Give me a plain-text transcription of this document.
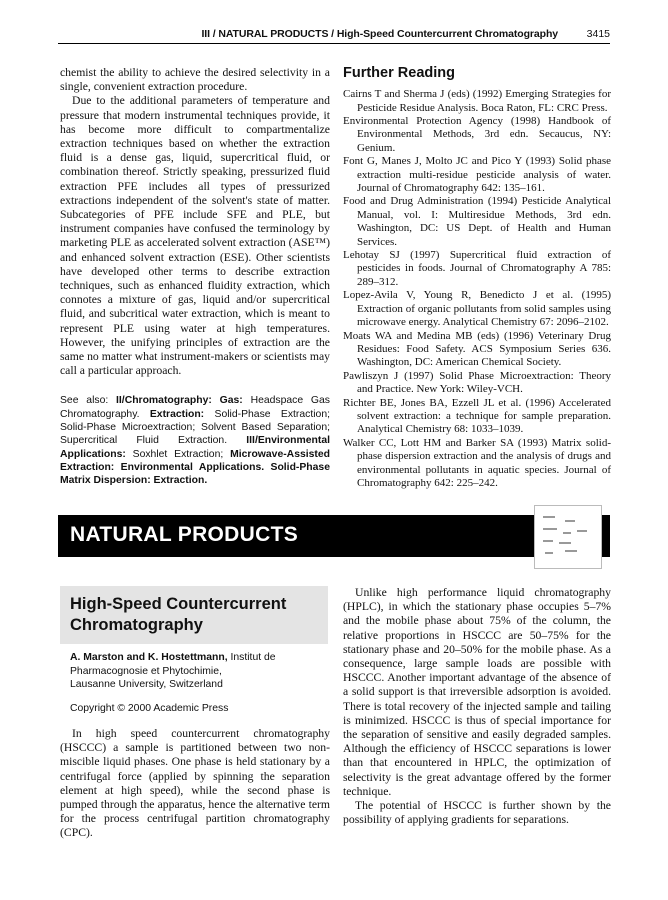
III / NATURAL PRODUCTS / High-Speed Countercurrent Chromatography	3415

chemist the ability to achieve the desired selectivity in a single, convenient extraction procedure.

Due to the additional parameters of temperature and pressure that modern instrumental techniques provide, it has become more difficult to compartmentalize extraction techniques based on whether the extraction fluid is a dense gas, liquid, supercritical fluid, or combination thereof. Strictly speaking, pressurized fluid extraction PFE includes all types of pressurized extractions independent of the solvent's state of matter. Subcategories of PFE include SFE and PLE, but instrument companies have confused the terminology by marketing PLE as accelerated solvent extraction (ASE™) and enhanced solvent extraction (ESE). Other scientists have developed other terms to describe extraction techniques, such as enhanced fluidity extraction, which connotes a mixture of gas, liquid and/or supercritical fluid, and subcritical water extraction, which is meant to represent PLE using water at high temperatures. However, the unifying principles of extraction are the same no matter what instrument-makers or scientists may call a particular approach.

See also: II/Chromatography: Gas: Headspace Gas Chromatography. Extraction: Solid-Phase Extraction; Solid-Phase Microextraction; Solvent Based Separation; Supercritical Fluid Extraction. III/Environmental Applications: Soxhlet Extraction; Microwave-Assisted Extraction: Environmental Applications. Solid-Phase Matrix Dispersion: Extraction.
Further Reading
Cairns T and Sherma J (eds) (1992) Emerging Strategies for Pesticide Residue Analysis. Boca Raton, FL: CRC Press.
Environmental Protection Agency (1998) Handbook of Environmental Methods, 3rd edn. Secaucus, NY: Genium.
Font G, Manes J, Molto JC and Pico Y (1993) Solid phase extraction multi-residue pesticide analysis of water. Journal of Chromatography 642: 135–161.
Food and Drug Administration (1994) Pesticide Analytical Manual, vol. I: Multiresidue Methods, 3rd edn. Washington, DC: US Dept. of Health and Human Services.
Lehotay SJ (1997) Supercritical fluid extraction of pesticides in foods. Journal of Chromatography A 785: 289–312.
Lopez-Avila V, Young R, Benedicto J et al. (1995) Extraction of organic pollutants from solid samples using microwave energy. Analytical Chemistry 67: 2096–2102.
Moats WA and Medina MB (eds) (1996) Veterinary Drug Residues: Food Safety. ACS Symposium Series 636. Washington, DC: American Chemical Society.
Pawliszyn J (1997) Solid Phase Microextraction: Theory and Practice. New York: Wiley-VCH.
Richter BE, Jones BA, Ezzell JL et al. (1996) Accelerated solvent extraction: a technique for sample preparation. Analytical Chemistry 68: 1033–1039.
Walker CC, Lott HM and Barker SA (1993) Matrix solid-phase dispersion extraction and the analysis of drugs and environmental pollutants in aquatic species. Journal of Chromatography 642: 225–242.
NATURAL PRODUCTS
High-Speed Countercurrent Chromatography
A. Marston and K. Hostettmann, Institut de Pharmacognosie et Phytochimie,
Lausanne University, Switzerland
Copyright © 2000 Academic Press

In high speed countercurrent chromatography (HSCCC) a sample is partitioned between two non-miscible liquid phases. One phase is held stationary by a centrifugal force (applied by spinning the separation element at high speed), while the second phase is pumped through the apparatus, hence the alternative term for the process centrifugal partition chromatography (CPC).

Unlike high performance liquid chromatography (HPLC), in which the stationary phase occupies 5–7% and the mobile phase about 75% of the column, the relative proportions in HSCCC are 50–75% for the stationary phase and 20–50% for the mobile phase. As a consequence, large sample loads are possible with HSCCC. Another important advantage of the absence of a solid support is that irreversible adsorption is avoided. There is total recovery of the injected sample and tailing is minimized. HSCCC is thus of special importance for the separation of sensitive and easily degraded samples. Although the efficiency of HSCCC separations is lower than that encountered in HPLC, the optimization of selectivity is the great advantage offered by the former technique.

The potential of HSCCC is further shown by the possibility of applying gradients for separations.
